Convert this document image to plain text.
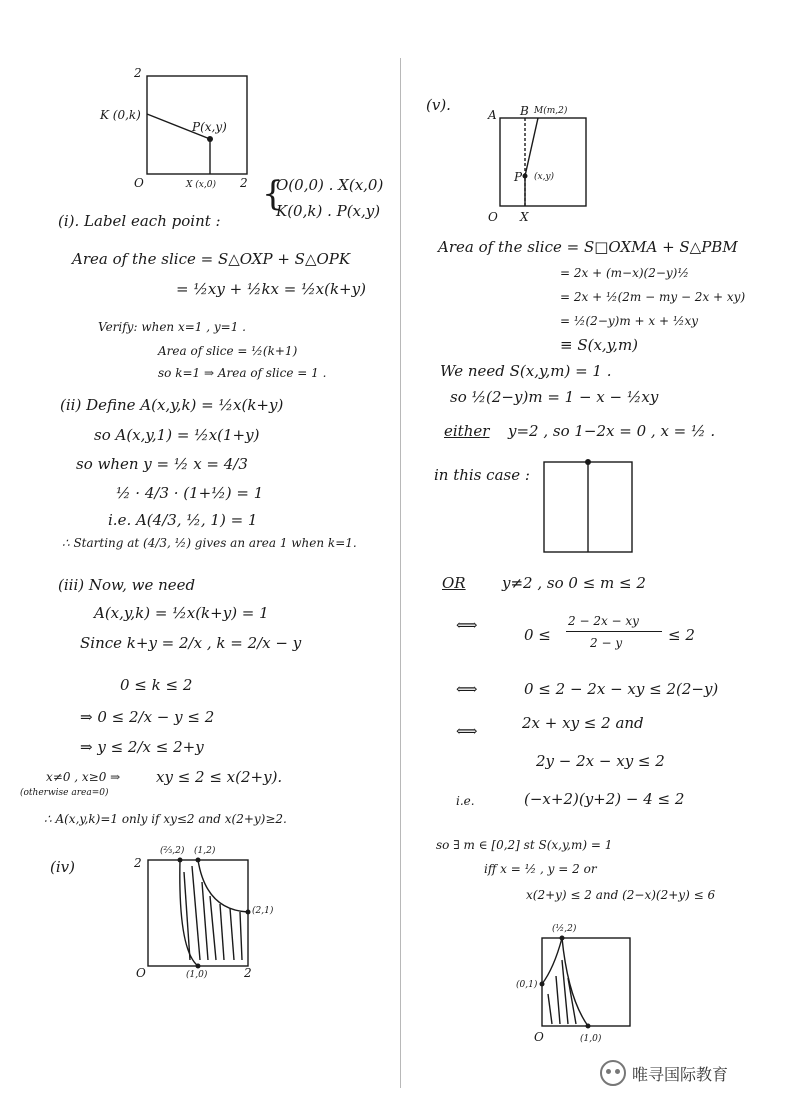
2
K (0,k)
P(x,y)
O	X (x,0) 2 {
O(0,0) . X(x,0)
K(0,k) . P(x,y)
(i). Label each point :
Area of the slice = S△OXP + S△OPK
= ½xy + ½kx = ½x(k+y)
Verify: when x=1 , y=1 .
Area of slice = ½(k+1)
so k=1 ⇒ Area of slice = 1 .
(ii) Define A(x,y,k) = ½x(k+y)
so A(x,y,1) = ½x(1+y)
so when y = ½ x = 4/3
½ · 4/3 · (1+½) = 1
i.e. A(4/3, ½, 1) = 1
∴ Starting at (4/3, ½) gives an area 1 when k=1.
(iii) Now, we need
A(x,y,k) = ½x(k+y) = 1
Since k+y = 2/x , k = 2/x − y
0 ≤ k ≤ 2
⇒ 0 ≤ 2/x − y ≤ 2
⇒ y ≤ 2/x ≤ 2+y
x≠0 , x≥0 ⇒ xy ≤ 2 ≤ x(2+y).
(otherwise area=0)
∴ A(x,y,k)=1 only if xy≤2 and x(2+y)≥2.
(iv)	2
(⅔,2) (1,2)
(2,1)
O	(1,0)	2
(v).
A B M(m,2)
P (x,y)
O X
Area of the slice = S□OXMA + S△PBM
= 2x + (m−x)(2−y)½
= 2x + ½(2m − my − 2x + xy)
= ½(2−y)m + x + ½xy
≡ S(x,y,m)
We need S(x,y,m) = 1 .
so ½(2−y)m = 1 − x − ½xy
either y=2 , so 1−2x = 0 , x = ½ .
in this case :
OR y≠2 , so 0 ≤ m ≤ 2
⟺
0 ≤
2 − 2x − xy
2 − y	≤ 2
⟺	0 ≤ 2 − 2x − xy ≤ 2(2−y)
⟺	2x + xy ≤ 2 and
2y − 2x − xy ≤ 2
i.e.	(−x+2)(y+2) − 4 ≤ 2
so ∃ m ∈ [0,2] st S(x,y,m) = 1
iff x = ½ , y = 2 or
x(2+y) ≤ 2 and (2−x)(2+y) ≤ 6
(½,2)
(0,1)
O	(1,0)
唯寻国际教育
